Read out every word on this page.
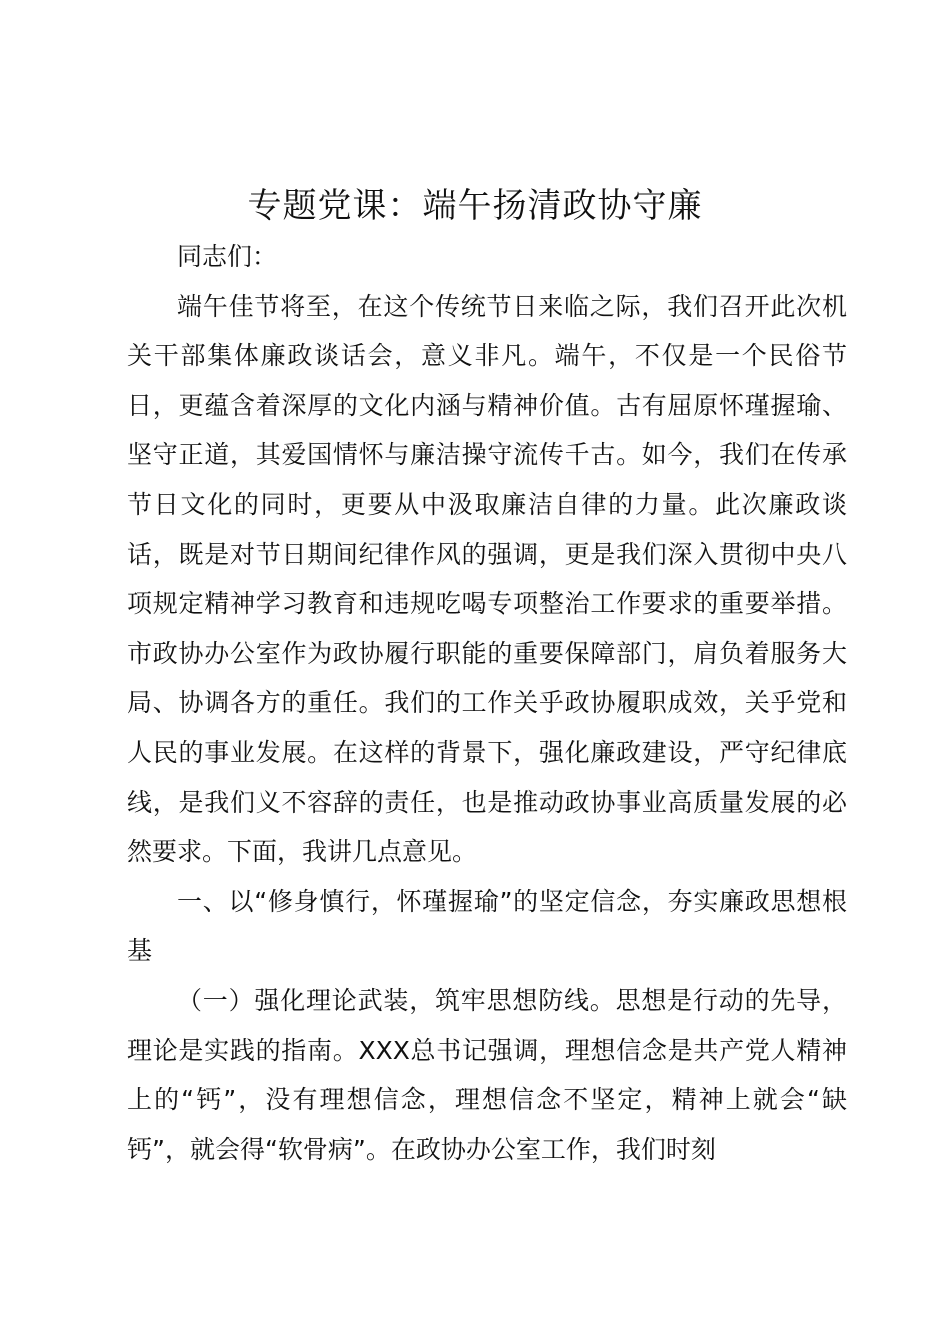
专题党课：端午扬清政协守廉

同志们：

端午佳节将至，在这个传统节日来临之际，我们召开此次机关干部集体廉政谈话会，意义非凡。端午，不仅是一个民俗节日，更蕴含着深厚的文化内涵与精神价值。古有屈原怀瑾握瑜、坚守正道，其爱国情怀与廉洁操守流传千古。如今，我们在传承节日文化的同时，更要从中汲取廉洁自律的力量。此次廉政谈话，既是对节日期间纪律作风的强调，更是我们深入贯彻中央八项规定精神学习教育和违规吃喝专项整治工作要求的重要举措。市政协办公室作为政协履行职能的重要保障部门，肩负着服务大局、协调各方的重任。我们的工作关乎政协履职成效，关乎党和人民的事业发展。在这样的背景下，强化廉政建设，严守纪律底线，是我们义不容辞的责任，也是推动政协事业高质量发展的必然要求。下面，我讲几点意见。

一、以“修身慎行，怀瑾握瑜”的坚定信念，夯实廉政思想根基

（一）强化理论武装，筑牢思想防线。思想是行动的先导，理论是实践的指南。XXX总书记强调，理想信念是共产党人精神上的“钙”，没有理想信念，理想信念不坚定，精神上就会“缺钙”，就会得“软骨病”。在政协办公室工作，我们时刻
